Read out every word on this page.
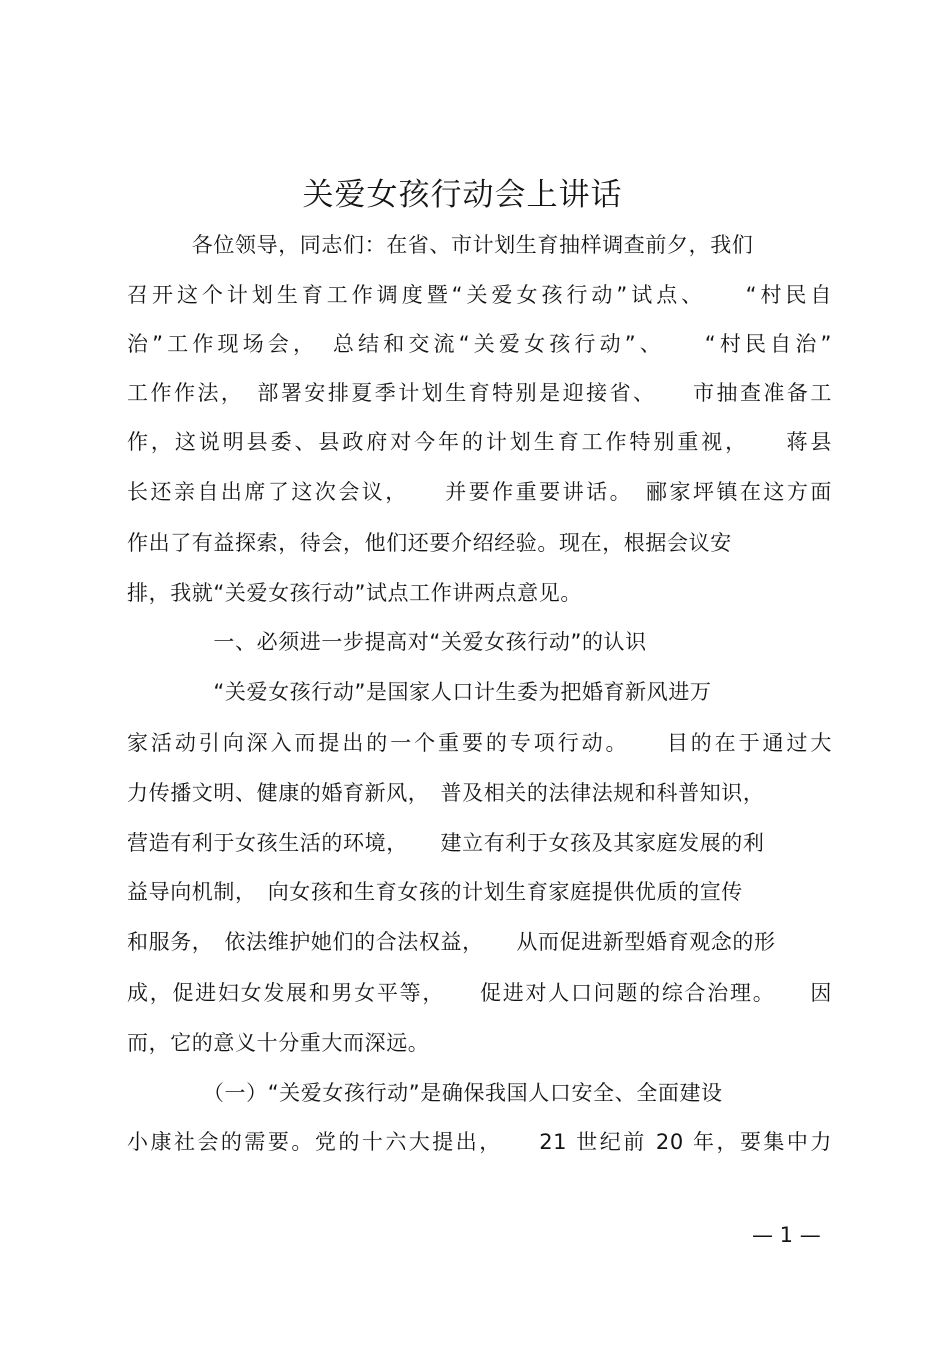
关爱女孩行动会上讲话

　　　各位领导，同志们：在省、市计划生育抽样调查前夕，我们

召开这个计划生育工作调度暨“关爱女孩行动”试点、　　“村民自

治”工作现场会，　总结和交流“关爱女孩行动”、　　“村民自治”

工作作法，　部署安排夏季计划生育特别是迎接省、　　市抽查准备工

作，这说明县委、县政府对今年的计划生育工作特别重视，　　蒋县

长还亲自出席了这次会议，　　并要作重要讲话。　郦家坪镇在这方面

作出了有益探索，待会，他们还要介绍经验。现在，根据会议安

排，我就“关爱女孩行动”试点工作讲两点意见。

　　　　一、必须进一步提高对“关爱女孩行动”的认识

　　　　“关爱女孩行动”是国家人口计生委为把婚育新风进万

家活动引向深入而提出的一个重要的专项行动。　　目的在于通过大

力传播文明、健康的婚育新风，　普及相关的法律法规和科普知识，

营造有利于女孩生活的环境，　　建立有利于女孩及其家庭发展的利

益导向机制，　向女孩和生育女孩的计划生育家庭提供优质的宣传

和服务，　依法维护她们的合法权益，　　从而促进新型婚育观念的形

成，促进妇女发展和男女平等，　　促进对人口问题的综合治理。　　因

而，它的意义十分重大而深远。

　　　　（一）“关爱女孩行动”是确保我国人口安全、全面建设

小康社会的需要。党的十六大提出，　　21 世纪前 20 年，要集中力

— 1 —
